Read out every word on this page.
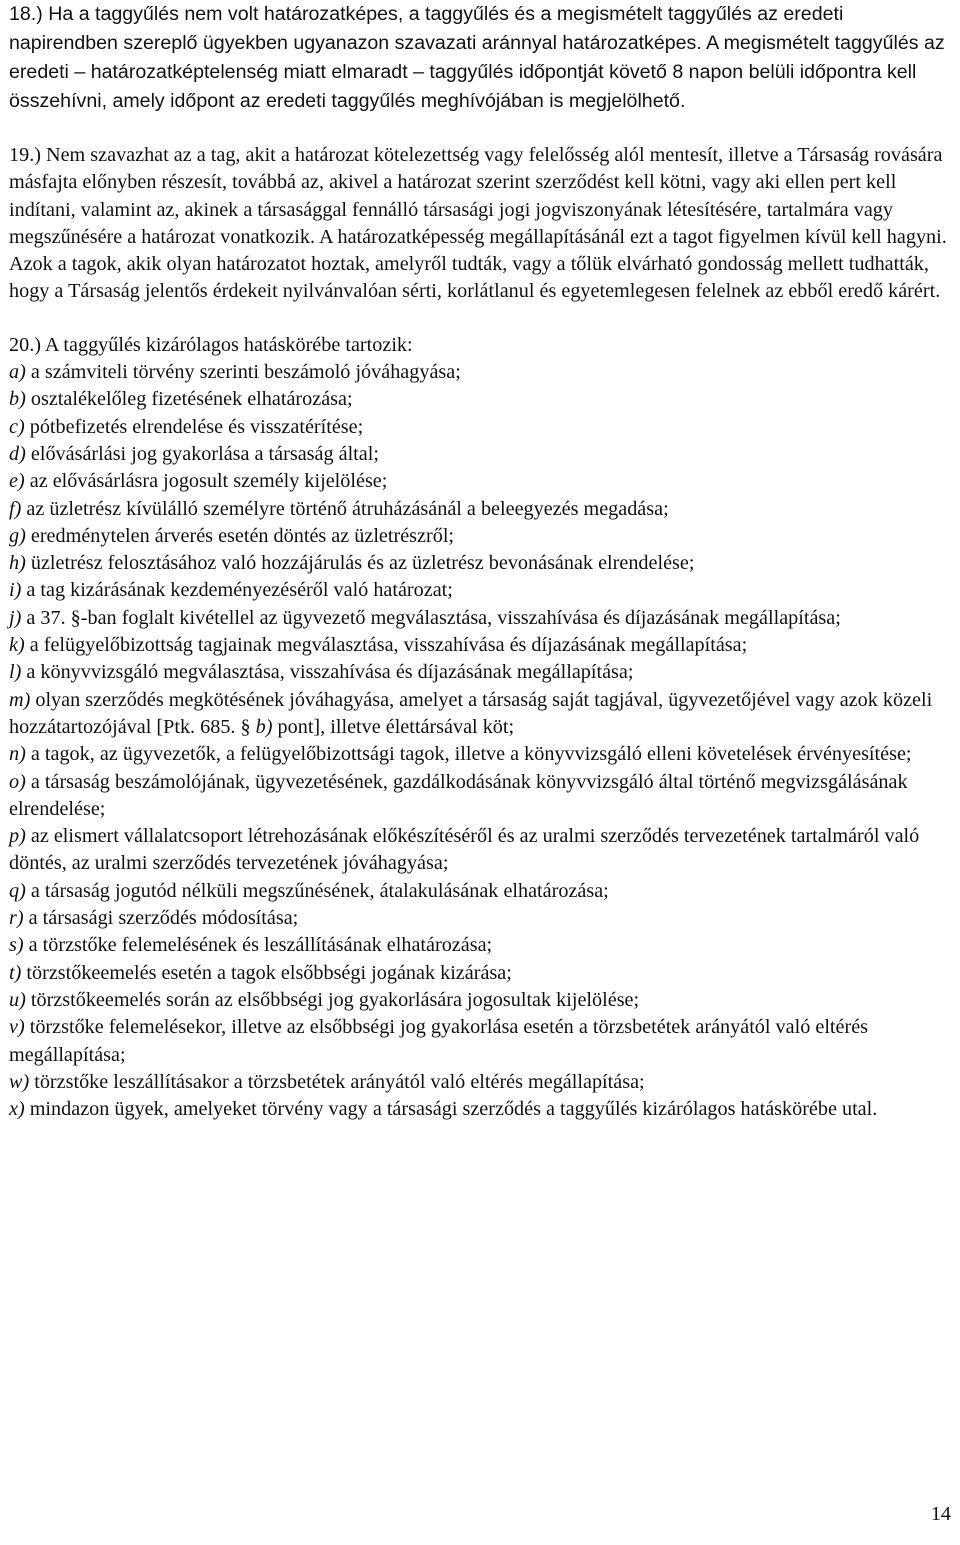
18.) Ha a taggyűlés nem volt határozatképes, a taggyűlés és a megismételt taggyűlés az eredeti napirendben szereplő ügyekben ugyanazon szavazati aránnyal határozatképes. A megismételt taggyűlés az eredeti – határozatképtelenség miatt elmaradt – taggyűlés időpontját követő 8 napon belüli időpontra kell összehívni, amely időpont az eredeti taggyűlés meghívójában is megjelölhető.

19.) Nem szavazhat az a tag, akit a határozat kötelezettség vagy felelősség alól mentesít, illetve a Társaság rovására másfajta előnyben részesít, továbbá az, akivel a határozat szerint szerződést kell kötni, vagy aki ellen pert kell indítani, valamint az, akinek a társasággal fennálló társasági jogi jogviszonyának létesítésére, tartalmára vagy megszűnésére a határozat vonatkozik. A határozatképesség megállapításánál ezt a tagot figyelmen kívül kell hagyni. Azok a tagok, akik olyan határozatot hoztak, amelyről tudták, vagy a tőlük elvárható gondosság mellett tudhatták, hogy a Társaság jelentős érdekeit nyilvánvalóan sérti, korlátlanul és egyetemlegesen felelnek az ebből eredő kárért.

20.) A taggyűlés kizárólagos hatáskörébe tartozik:

a) a számviteli törvény szerinti beszámoló jóváhagyása;

b) osztalékelőleg fizetésének elhatározása;

c) pótbefizetés elrendelése és visszatérítése;

d) elővásárlási jog gyakorlása a társaság által;

e) az elővásárlásra jogosult személy kijelölése;

f) az üzletrész kívülálló személyre történő átruházásánál a beleegyezés megadása;

g) eredménytelen árverés esetén döntés az üzletrészről;

h) üzletrész felosztásához való hozzájárulás és az üzletrész bevonásának elrendelése;

i) a tag kizárásának kezdeményezéséről való határozat;

j) a 37. §-ban foglalt kivétellel az ügyvezető megválasztása, visszahívása és díjazásának megállapítása;

k) a felügyelőbizottság tagjainak megválasztása, visszahívása és díjazásának megállapítása;

l) a könyvvizsgáló megválasztása, visszahívása és díjazásának megállapítása;

m) olyan szerződés megkötésének jóváhagyása, amelyet a társaság saját tagjával, ügyvezetőjével vagy azok közeli hozzátartozójával [Ptk. 685. § b) pont], illetve élettársával köt;

n) a tagok, az ügyvezetők, a felügyelőbizottsági tagok, illetve a könyvvizsgáló elleni követelések érvényesítése;

o) a társaság beszámolójának, ügyvezetésének, gazdálkodásának könyvvizsgáló által történő megvizsgálásának elrendelése;

p) az elismert vállalatcsoport létrehozásának előkészítéséről és az uralmi szerződés tervezetének tartalmáról való döntés, az uralmi szerződés tervezetének jóváhagyása;

q) a társaság jogutód nélküli megszűnésének, átalakulásának elhatározása;

r) a társasági szerződés módosítása;

s) a törzstőke felemelésének és leszállításának elhatározása;

t) törzstőkeemelés esetén a tagok elsőbbségi jogának kizárása;

u) törzstőkeemelés során az elsőbbségi jog gyakorlására jogosultak kijelölése;

v) törzstőke felemelésekor, illetve az elsőbbségi jog gyakorlása esetén a törzsbetétek arányától való eltérés megállapítása;

w) törzstőke leszállításakor a törzsbetétek arányától való eltérés megállapítása;

x) mindazon ügyek, amelyeket törvény vagy a társasági szerződés a taggyűlés kizárólagos hatáskörébe utal.

14
